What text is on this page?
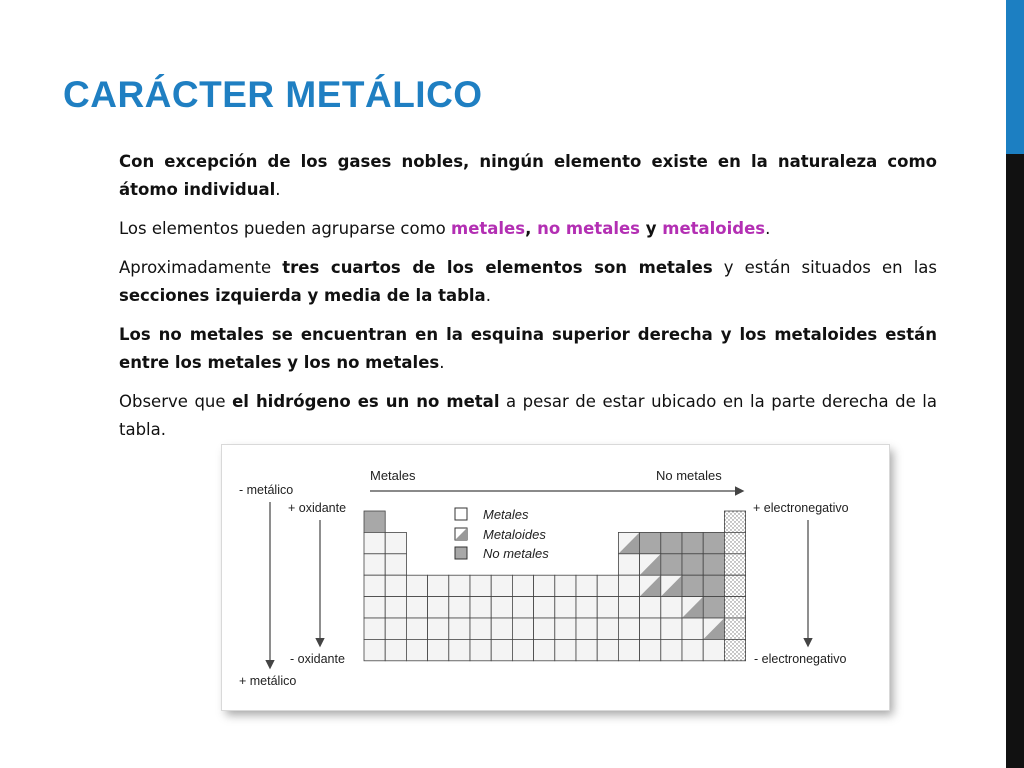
CARÁCTER METÁLICO

Con excepción de los gases nobles, ningún elemento existe en la naturaleza como átomo individual.

Los elementos pueden agruparse como metales, no metales y metaloides.

Aproximadamente tres cuartos de los elementos son metales y están situados en las secciones izquierda y media de la tabla.

Los no metales se encuentran en la esquina superior derecha y los metaloides están entre los metales y los no metales.

Observe que el hidrógeno es un no metal a pesar de estar ubicado en la parte derecha de la tabla.

Metales	No metales
- metálico
+ metálico
+ oxidante
- oxidante
+ electronegativo
- electronegativo
Metales
Metaloides
No metales
